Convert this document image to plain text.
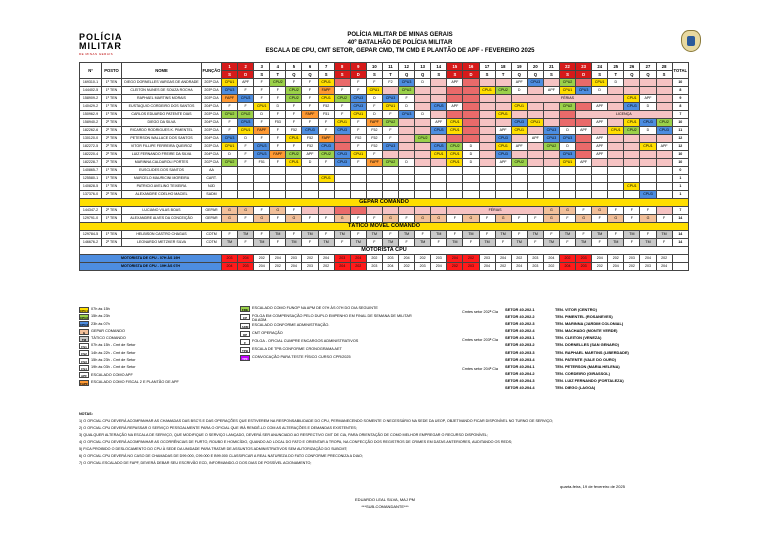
POLÍCIA
MILITAR
DE MINAS GERAIS
POLÍCIA MILITAR DE MINAS GERAIS
40º BATALHÃO DE POLÍCIA MILITAR
ESCALA DE CPU, CMT SETOR, GEPAR CMD, TM CMD E PLANTÃO DE APF - FEVEREIRO 2025
Nº	POSTO	NOME	FUNÇÃO	1	2	3	4	5	6	7	8	9	10	11	12	13	14	15	16	17	18	19	20	21	22	23	24	25	26	27	28	TOTAL
				S	D	S	T	Q	Q	S	S	D	S	T	Q	Q	S	S	D	S	T	Q	Q	S	S	D	S	T	Q	Q	S	
169310-1	1º TEN	DIEGO DORNELLES VARGAS DE ANDRADE	203ª CIA	CPU1	APF	F	CPU2	F	F	CPU1		F	F	F2	CPU3	D		APF				APF	CPU3		CPU2		CPU1	D				10
144402-5	1º TEN	CLEITON NUNES DE SOUZA ROCHA	203ª CIA	CPU3	F	F	F	CPU2	F	FAPF	F	F	CPU1		CPU2					CPU1	CPU2	D		APF	CPU1	CPU3	D					8
158909-2	1º TEN	RAPHAEL MARTINS MORAIS	203ª CIA	FAPF	CPU3	F	F	CPU2	F	CPU1	CPU2	CPU3	D	CPU3	F							FÉRIAS							CPU1	APF		9
140429-2	1º TEN	EUSTAQUIO CORDEIRO DOS SANTOS	204ª CIA	F	F	CPU1	D	F	F	F52	F	CPU3	F	CPU1	D		CPU3	APF				CPU1			CPU2		APF		CPU3	D		8
150962-9	1º TEN	CARLOS EDUARDO PATENTE DIAS	203ª CIA	CPU2	CPU2	D	F	F	FAPF	F51	F	CPU1	D	F	CPU3	D					CPU1					LICENÇA						7
158940-2	2º TEN	DIEGO DA SILVA	204ª CIA	F	CPU3	F	F53	F	F	F	CPU1	F	FAPF	CPU2			APF	CPU1				CPU3	CPU1				APF		CPU1	CPU3	CPU2	10
182262-6	2º TEN	RICARDO RODRIGUES K. PIMENTEL	203ª CIA	F	CPU1	FAPF	F	F52	CPU3	F	CPU3	F	F52	F			CPU3	CPU1			APF	CPU1		CPU3	D	APF		CPU1	CPU2	D	CPU3	11
130120-0	2º TEN	PETERSON WALLACE DOS SANTOS	204ª CIA	CPU3	D	F	F	CPU1	F52	FAPF		F52	F52	F		CPU2					CPU3		APF	CPU3	CPU3		APF					12
182272-5	2º TEN	VITOR FILLIPE FERREIRA QUEIROZ	203ª CIA	CPU1	F	CPU3	F	F	F52	CPU3		F	F52	CPU3			CPU3	CPU2	D		CPU1	APF		CPU2	D		APF			CPU1	APF	12
182220-4	2º TEN	LUIZ FERNANDO FREIRE DA SILVA	204ª CIA	D	F	CPU3	FAPF	CPU2	APF	CPU2	CPU3	CPU1	F				CPU1	CPU1	D		CPU3				CPU3		APF					10
182228-7	2º TEN	MARINNA CALDAROLI PORTES	202ª CIA	CPU2	F	F51	F	CPU1	D	F	CPU3	F	FAPF	CPU2	D			CPU1	D		APF	CPU2			CPU1	APF						10
140865-7	1º TEN	EUSCLIDES DOS SANTOS	AA																													0
125580-1	1º TEN	MARCELO MAURICINI MOREIRA	CART.							CPU1																						1
140828-5	1º TEN	PATRICIO AVELINO TEIXEIRA	NJD																										CPU1			1
137376-0	2º TEN	ALEXANDRE COELHO MACIEL	SADM																											CPU3		1
GEPAR COMANDO																																
144347-2	2º TEN	LUCIANO VILAS BOAS	GEPAR	G	G	F	G	F										FÉRIAS						G	G	F	G	F	F	F		7
129791-0	1º TEN	ALEXANDRE ALVES DA CONCEIÇÃO	GEPAR	G	F	G	F	G	F	F	G	F	F	G	F	G	G	F	G	F	G	F	F	G	F	G	F	G	F	G	F	14
TÁTICO MÓVEL COMANDO																																
129784-5	1º TEN	HELBISON CASTRO CHAGAS	COTM	F	TM	F	TM	F	TM	F	TM	F	TM	F	TM	F	TM	F	TM	F	TM	F	TM	F	TM	F	TM	F	TM	F	TM	14
146676-2	2º TEN	LEONARDO METZKER SILVA	COTM	TM	F	TM	F	TM	F	TM	F	TM	F	TM	F	TM	F	TM	F	TM	F	TM	F	TM	F	TM	F	TM	F	TM	F	14
MOTORISTA CPU																																
MOTORISTA DE CPU - 07H ÀS 19H				203	204	202	204	203	202	204	203	204	202	203	204	202	203	204	202	203	204	202	203	204	202	203	204	202	203	204	202	
MOTORISTA DE CPU - 19H ÀS 07H				204	203	204	202	204	203	202	204	202	203	204	202	203	204	202	203	204	202	204	203	202	204	203	202	204	202	203	204	
CPU1 07h às 15h
CPU2 15h às 23h
CPU3 23h às 07h
G	GEPAR COMANDO
TM	TÁTICO COMANDO
FS1	07h às 15h - Cmt de Setor
FS2	14h às 22h - Cmt de Setor
FS3	15h às 23h - Cmt de Setor
FS4	19h às 03h - Cmt de Setor
APF	ESCALADO COMO APF
FAPF ESCALADO COMO FISCAL 2 E PLANTÃO DE APF
FDE	ESCALADO COMO FUNOP NA APM DE 07H ÀS 07H DO DIA SEGUINTE
CP	FOLGA EM COMPENSAÇÃO PELO DUPLO EMPENHO EM FINAL DE SEMANA DE MILITAR DA ADM.
ADM ESCALADO CONFORME ADMINISTRAÇÃO.
OP	CMT OPERAÇÃO
F	FOLGA - OFICIAL CUMPRE ENCARGOS ADMINISTRATIVOS
TPB	ESCALA DE TPB CONFORME CRONOGRAMA AET
TPF	CONVOCAÇÃO PARA TESTE FÍSICO CURSO CPR/2025
Cmtes setor 202ª Cia	SETOR 40.202.1	TEN. VITOR (CENTRO)
SETOR 40.202.2	TEN. PIMENTEL (ROSANEVES)
SETOR 40.202.3	TEN. MARINNA (JARDIM COLONIAL)
SETOR 40.202.4	TEN. MACHADO (MONTE VERDE)
Cmtes setor 203ª Cia	SETOR 40.203.1	TEN. CLEITON (VENEZA)
SETOR 40.203.2	TEN. DORNELLES (SAN GENARO)
SETOR 40.203.3	TEN. RAPHAEL MARTINS (LIBERDADE)
SETOR 40.203.4	TEN. PATENTE (VALE DO OURO)
Cmtes setor 204ª Cia	SETOR 40.204.1	TEN. PETERSON (MARIA HELENA)
SETOR 40.204.2	TEN. CORDEIRO (GIRASSOL)
SETOR 40.204.3	TEN. LUIZ FERNANDO (FORTALEZA)
SETOR 40.204.4	TEN. DIEGO (LAGOA)
NOTAS:
1) O OFICIAL CPU DEVERÁ ACOMPANHAR AS CHAMADAS DAS BSC'S E DAS OPERAÇÕES QUE ESTIVEREM NA RESPONSABILIDADE DO CPU, PERMANECENDO SOMENTE O NECESSÁRIO NA SEDE DA UEOP, OBJETIVANDO FICAR DISPONÍVEL NO TURNO DE SERVIÇO;
2) O OFICIAL CPU DEVERÁ REPASSAR O SERVIÇO PESSOALMENTE PARA O OFICIAL QUE IRÁ RENDÊ-LO COM AS ALTERAÇÕES E DEMANDAS EXISTENTES;
3) QUALQUER ALTERAÇÃO NA ESCALA DE SERVIÇO, QUE MODIFIQUE O SERVIÇO LANÇADO, DEVERÁ SER ANUNCIADO AO RESPECTIVO CMT DE CIA, PARA ORIENTAÇÃO DE COMO MELHOR EMPREGAR O RECURSO DISPONÍVEL;
4) O OFICIAL CPU DEVERÁ ACOMPANHAR AS OCORRÊNCIAS DE FURTO, ROUBO E HOMICÍDIO, QUANDO AO LOCAL DO FATO E ORIENTAR A TROPA, NA CONFECÇÃO DOS REGISTROS DE CRIMES EM DATAS ANTERIORES, AUDITANDO OS REDS;
5) FICA PROIBIDO O DESLOCAMENTO DO CPU À SEDE DA UNIDADE PARA TRATAR DE ASSUNTOS ADMINISTRATIVOS SEM AUTORIZAÇÃO DO SUBCMT;
6) O OFICIAL CPU DEVERÁ NO CASO DE CHAMADAS DE D99.000, C99.000 E B99.000 CLASSIFICAR A REAL NATUREZA DO FATO CONFORME PRECONIZA A DIAO;
7) O OFICIAL ESCALADO DE FAPF, DEVERÁ DEBAR SEU ESCRIVÃO ECD, INFORMANDO-O DOS DIAS DE POSSÍVEL ACIONAMENTO;
quarta-feira, 19 de fevereiro de 2025
EDUARDO LEAL SILVA, MAJ PM
***SUB-COMANDANTE***
